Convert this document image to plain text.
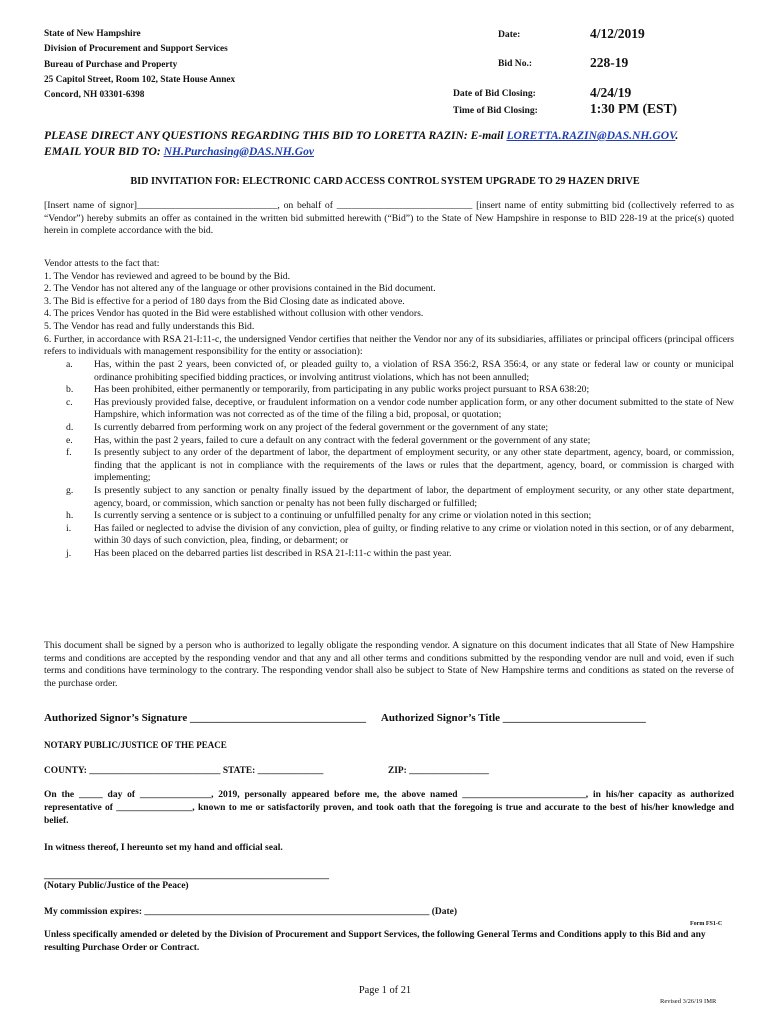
State of New Hampshire
Division of Procurement and Support Services
Bureau of Purchase and Property
25 Capitol Street, Room 102, State House Annex
Concord, NH 03301-6398
Date:	4/12/2019
Bid No.:	228-19
Date of Bid Closing:	4/24/19
Time of Bid Closing:	1:30 PM (EST)
PLEASE DIRECT ANY QUESTIONS REGARDING THIS BID TO LORETTA RAZIN: E-mail LORETTA.RAZIN@DAS.NH.GOV.
EMAIL YOUR BID TO: NH.Purchasing@DAS.NH.Gov
BID INVITATION FOR: ELECTRONIC CARD ACCESS CONTROL SYSTEM UPGRADE TO 29 HAZEN DRIVE
[Insert name of signor]_____________________________, on behalf of ____________________________ [insert name of entity submitting bid (collectively referred to as “Vendor”) hereby submits an offer as contained in the written bid submitted herewith (“Bid”) to the State of New Hampshire in response to BID 228-19 at the price(s) quoted herein in complete accordance with the bid.
Vendor attests to the fact that:
1. The Vendor has reviewed and agreed to be bound by the Bid.
2. The Vendor has not altered any of the language or other provisions contained in the Bid document.
3. The Bid is effective for a period of 180 days from the Bid Closing date as indicated above.
4. The prices Vendor has quoted in the Bid were established without collusion with other vendors.
5. The Vendor has read and fully understands this Bid.
6. Further, in accordance with RSA 21-I:11-c, the undersigned Vendor certifies that neither the Vendor nor any of its subsidiaries, affiliates or principal officers (principal officers refers to individuals with management responsibility for the entity or association):
a.	Has, within the past 2 years, been convicted of, or pleaded guilty to, a violation of RSA 356:2, RSA 356:4, or any state or federal law or county or municipal ordinance prohibiting specified bidding practices, or involving antitrust violations, which has not been annulled;
b.	Has been prohibited, either permanently or temporarily, from participating in any public works project pursuant to RSA 638:20;
c.	Has previously provided false, deceptive, or fraudulent information on a vendor code number application form, or any other document submitted to the state of New Hampshire, which information was not corrected as of the time of the filing a bid, proposal, or quotation;
d.	Is currently debarred from performing work on any project of the federal government or the government of any state;
e.	Has, within the past 2 years, failed to cure a default on any contract with the federal government or the government of any state;
f.	Is presently subject to any order of the department of labor, the department of employment security, or any other state department, agency, board, or commission, finding that the applicant is not in compliance with the requirements of the laws or rules that the department, agency, board, or commission is charged with implementing;
g.	Is presently subject to any sanction or penalty finally issued by the department of labor, the department of employment security, or any other state department, agency, board, or commission, which sanction or penalty has not been fully discharged or fulfilled;
h.	Is currently serving a sentence or is subject to a continuing or unfulfilled penalty for any crime or violation noted in this section;
i.	Has failed or neglected to advise the division of any conviction, plea of guilty, or finding relative to any crime or violation noted in this section, or of any debarment, within 30 days of such conviction, plea, finding, or debarment; or
j.	Has been placed on the debarred parties list described in RSA 21-I:11-c within the past year.
This document shall be signed by a person who is authorized to legally obligate the responding vendor. A signature on this document indicates that all State of New Hampshire terms and conditions are accepted by the responding vendor and that any and all other terms and conditions submitted by the responding vendor are null and void, even if such terms and conditions have terminology to the contrary. The responding vendor shall also be subject to State of New Hampshire terms and conditions as stated on the reverse of the purchase order.
Authorized Signor’s Signature ________________________________ Authorized Signor’s Title __________________________
NOTARY PUBLIC/JUSTICE OF THE PEACE
COUNTY: ____________________________ STATE: ______________	ZIP: _________________
On the _____ day of _______________, 2019, personally appeared before me, the above named __________________________, in his/her capacity as authorized representative of ________________, known to me or satisfactorily proven, and took oath that the foregoing is true and accurate to the best of his/her knowledge and belief.
In witness thereof, I hereunto set my hand and official seal.
____________________________________________________________
(Notary Public/Justice of the Peace)
My commission expires: ____________________________________________________________ (Date)
Form FS1-C
Unless specifically amended or deleted by the Division of Procurement and Support Services, the following General Terms and Conditions apply to this Bid and any resulting Purchase Order or Contract.
Page 1 of 21
Revised 3/26/19 IMR
